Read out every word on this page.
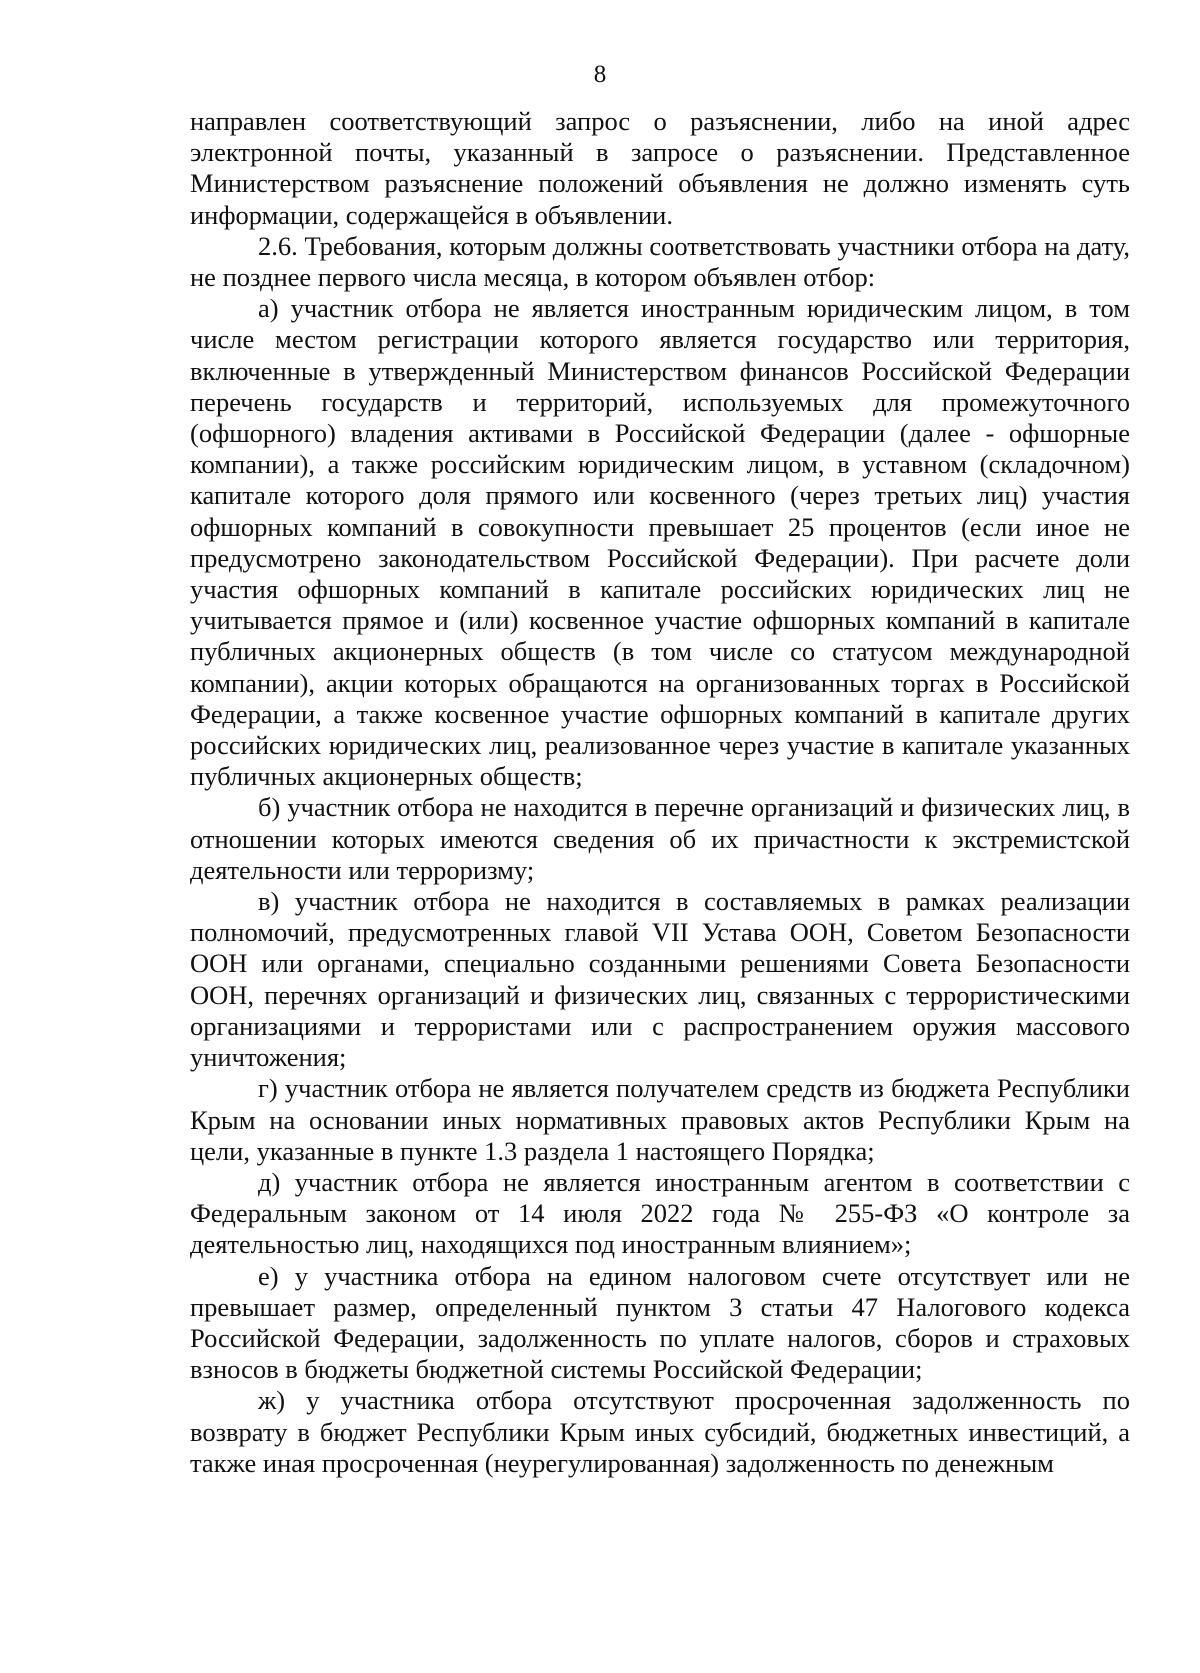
8

направлен соответствующий запрос о разъяснении, либо на иной адрес электронной почты, указанный в запросе о разъяснении. Представленное Министерством разъяснение положений объявления не должно изменять суть информации, содержащейся в объявлении.

2.6. Требования, которым должны соответствовать участники отбора на дату, не позднее первого числа месяца, в котором объявлен отбор:

а) участник отбора не является иностранным юридическим лицом, в том числе местом регистрации которого является государство или территория, включенные в утвержденный Министерством финансов Российской Федерации перечень государств и территорий, используемых для промежуточного (офшорного) владения активами в Российской Федерации (далее - офшорные компании), а также российским юридическим лицом, в уставном (складочном) капитале которого доля прямого или косвенного (через третьих лиц) участия офшорных компаний в совокупности превышает 25 процентов (если иное не предусмотрено законодательством Российской Федерации). При расчете доли участия офшорных компаний в капитале российских юридических лиц не учитывается прямое и (или) косвенное участие офшорных компаний в капитале публичных акционерных обществ (в том числе со статусом международной компании), акции которых обращаются на организованных торгах в Российской Федерации, а также косвенное участие офшорных компаний в капитале других российских юридических лиц, реализованное через участие в капитале указанных публичных акционерных обществ;

б) участник отбора не находится в перечне организаций и физических лиц, в отношении которых имеются сведения об их причастности к экстремистской деятельности или терроризму;

в) участник отбора не находится в составляемых в рамках реализации полномочий, предусмотренных главой VII Устава ООН, Советом Безопасности ООН или органами, специально созданными решениями Совета Безопасности ООН, перечнях организаций и физических лиц, связанных с террористическими организациями и террористами или с распространением оружия массового уничтожения;

г) участник отбора не является получателем средств из бюджета Республики Крым на основании иных нормативных правовых актов Республики Крым на цели, указанные в пункте 1.3 раздела 1 настоящего Порядка;

д) участник отбора не является иностранным агентом в соответствии с Федеральным законом от 14 июля 2022 года № 255-ФЗ «О контроле за деятельностью лиц, находящихся под иностранным влиянием»;

е) у участника отбора на едином налоговом счете отсутствует или не превышает размер, определенный пунктом 3 статьи 47 Налогового кодекса Российской Федерации, задолженность по уплате налогов, сборов и страховых взносов в бюджеты бюджетной системы Российской Федерации;

ж) у участника отбора отсутствуют просроченная задолженность по возврату в бюджет Республики Крым иных субсидий, бюджетных инвестиций, а также иная просроченная (неурегулированная) задолженность по денежным
